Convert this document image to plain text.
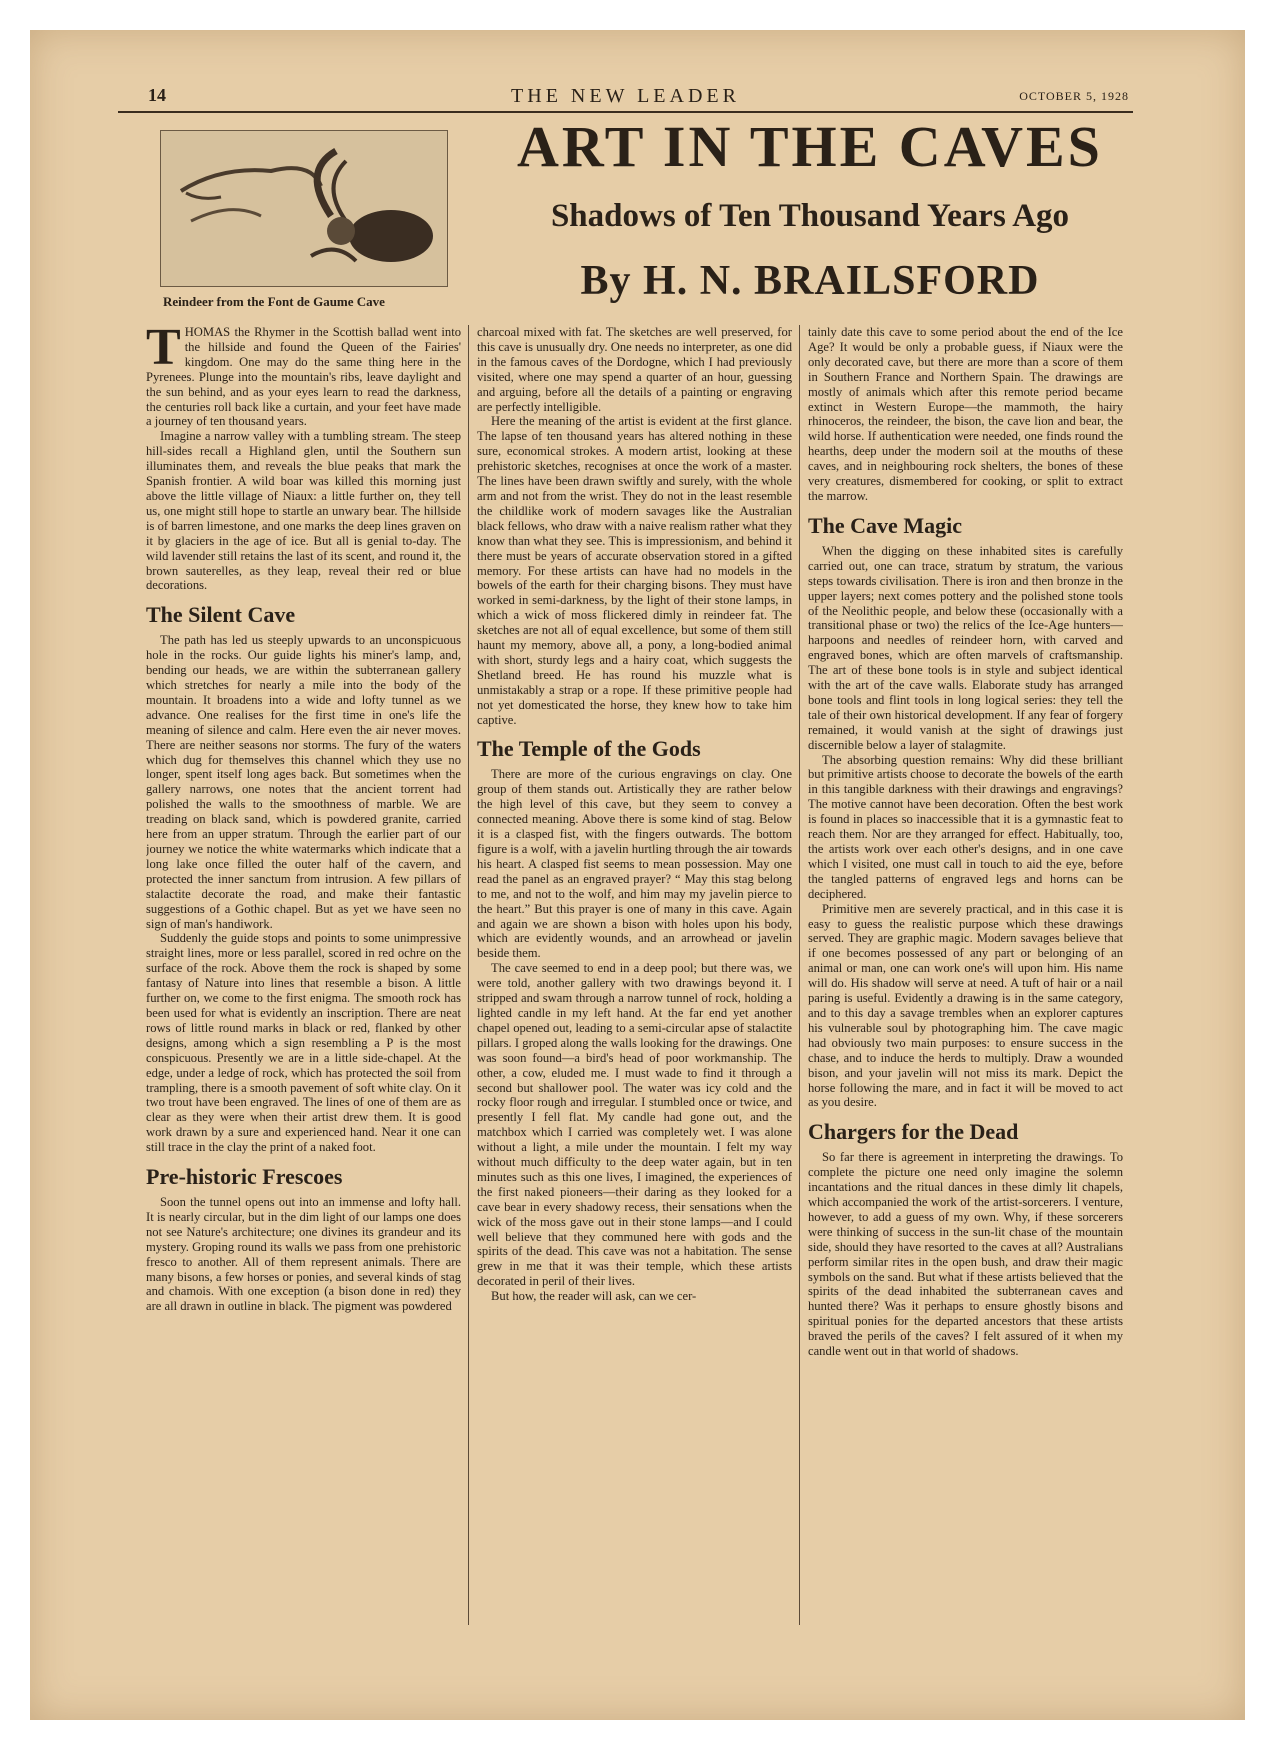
14	THE NEW LEADER	OCTOBER 5, 1928
Reindeer from the Font de Gaume Cave
ART IN THE CAVES
Shadows of Ten Thousand Years Ago
By H. N. BRAILSFORD

THOMAS the Rhymer in the Scottish ballad went into the hillside and found the Queen of the Fairies' kingdom. One may do the same thing here in the Pyrenees. Plunge into the mountain's ribs, leave daylight and the sun behind, and as your eyes learn to read the darkness, the centuries roll back like a curtain, and your feet have made a journey of ten thousand years.

Imagine a narrow valley with a tumbling stream. The steep hill-sides recall a Highland glen, until the Southern sun illuminates them, and reveals the blue peaks that mark the Spanish frontier. A wild boar was killed this morning just above the little village of Niaux: a little further on, they tell us, one might still hope to startle an unwary bear. The hillside is of barren limestone, and one marks the deep lines graven on it by glaciers in the age of ice. But all is genial to-day. The wild lavender still retains the last of its scent, and round it, the brown sauterelles, as they leap, reveal their red or blue decorations.

The Silent Cave

The path has led us steeply upwards to an unconspicuous hole in the rocks. Our guide lights his miner's lamp, and, bending our heads, we are within the subterranean gallery which stretches for nearly a mile into the body of the mountain. It broadens into a wide and lofty tunnel as we advance. One realises for the first time in one's life the meaning of silence and calm. Here even the air never moves. There are neither seasons nor storms. The fury of the waters which dug for themselves this channel which they use no longer, spent itself long ages back. But sometimes when the gallery narrows, one notes that the ancient torrent had polished the walls to the smoothness of marble. We are treading on black sand, which is powdered granite, carried here from an upper stratum. Through the earlier part of our journey we notice the white watermarks which indicate that a long lake once filled the outer half of the cavern, and protected the inner sanctum from intrusion. A few pillars of stalactite decorate the road, and make their fantastic suggestions of a Gothic chapel. But as yet we have seen no sign of man's handiwork.

Suddenly the guide stops and points to some unimpressive straight lines, more or less parallel, scored in red ochre on the surface of the rock. Above them the rock is shaped by some fantasy of Nature into lines that resemble a bison. A little further on, we come to the first enigma. The smooth rock has been used for what is evidently an inscription. There are neat rows of little round marks in black or red, flanked by other designs, among which a sign resembling a P is the most conspicuous. Presently we are in a little side-chapel. At the edge, under a ledge of rock, which has protected the soil from trampling, there is a smooth pavement of soft white clay. On it two trout have been engraved. The lines of one of them are as clear as they were when their artist drew them. It is good work drawn by a sure and experienced hand. Near it one can still trace in the clay the print of a naked foot.

Pre-historic Frescoes

Soon the tunnel opens out into an immense and lofty hall. It is nearly circular, but in the dim light of our lamps one does not see Nature's architecture; one divines its grandeur and its mystery. Groping round its walls we pass from one prehistoric fresco to another. All of them represent animals. There are many bisons, a few horses or ponies, and several kinds of stag and chamois. With one exception (a bison done in red) they are all drawn in outline in black. The pigment was powdered

charcoal mixed with fat. The sketches are well preserved, for this cave is unusually dry. One needs no interpreter, as one did in the famous caves of the Dordogne, which I had previously visited, where one may spend a quarter of an hour, guessing and arguing, before all the details of a painting or engraving are perfectly intelligible.

Here the meaning of the artist is evident at the first glance. The lapse of ten thousand years has altered nothing in these sure, economical strokes. A modern artist, looking at these prehistoric sketches, recognises at once the work of a master. The lines have been drawn swiftly and surely, with the whole arm and not from the wrist. They do not in the least resemble the childlike work of modern savages like the Australian black fellows, who draw with a naive realism rather what they know than what they see. This is impressionism, and behind it there must be years of accurate observation stored in a gifted memory. For these artists can have had no models in the bowels of the earth for their charging bisons. They must have worked in semi-darkness, by the light of their stone lamps, in which a wick of moss flickered dimly in reindeer fat. The sketches are not all of equal excellence, but some of them still haunt my memory, above all, a pony, a long-bodied animal with short, sturdy legs and a hairy coat, which suggests the Shetland breed. He has round his muzzle what is unmistakably a strap or a rope. If these primitive people had not yet domesticated the horse, they knew how to take him captive.

The Temple of the Gods

There are more of the curious engravings on clay. One group of them stands out. Artistically they are rather below the high level of this cave, but they seem to convey a connected meaning. Above there is some kind of stag. Below it is a clasped fist, with the fingers outwards. The bottom figure is a wolf, with a javelin hurtling through the air towards his heart. A clasped fist seems to mean possession. May one read the panel as an engraved prayer? “ May this stag belong to me, and not to the wolf, and him may my javelin pierce to the heart.” But this prayer is one of many in this cave. Again and again we are shown a bison with holes upon his body, which are evidently wounds, and an arrowhead or javelin beside them.

The cave seemed to end in a deep pool; but there was, we were told, another gallery with two drawings beyond it. I stripped and swam through a narrow tunnel of rock, holding a lighted candle in my left hand. At the far end yet another chapel opened out, leading to a semi-circular apse of stalactite pillars. I groped along the walls looking for the drawings. One was soon found—a bird's head of poor workmanship. The other, a cow, eluded me. I must wade to find it through a second but shallower pool. The water was icy cold and the rocky floor rough and irregular. I stumbled once or twice, and presently I fell flat. My candle had gone out, and the matchbox which I carried was completely wet. I was alone without a light, a mile under the mountain. I felt my way without much difficulty to the deep water again, but in ten minutes such as this one lives, I imagined, the experiences of the first naked pioneers—their daring as they looked for a cave bear in every shadowy recess, their sensations when the wick of the moss gave out in their stone lamps—and I could well believe that they communed here with gods and the spirits of the dead. This cave was not a habitation. The sense grew in me that it was their temple, which these artists decorated in peril of their lives.

But how, the reader will ask, can we cer-

tainly date this cave to some period about the end of the Ice Age? It would be only a probable guess, if Niaux were the only decorated cave, but there are more than a score of them in Southern France and Northern Spain. The drawings are mostly of animals which after this remote period became extinct in Western Europe—the mammoth, the hairy rhinoceros, the reindeer, the bison, the cave lion and bear, the wild horse. If authentication were needed, one finds round the hearths, deep under the modern soil at the mouths of these caves, and in neighbouring rock shelters, the bones of these very creatures, dismembered for cooking, or split to extract the marrow.

The Cave Magic

When the digging on these inhabited sites is carefully carried out, one can trace, stratum by stratum, the various steps towards civilisation. There is iron and then bronze in the upper layers; next comes pottery and the polished stone tools of the Neolithic people, and below these (occasionally with a transitional phase or two) the relics of the Ice-Age hunters—harpoons and needles of reindeer horn, with carved and engraved bones, which are often marvels of craftsmanship. The art of these bone tools is in style and subject identical with the art of the cave walls. Elaborate study has arranged bone tools and flint tools in long logical series: they tell the tale of their own historical development. If any fear of forgery remained, it would vanish at the sight of drawings just discernible below a layer of stalagmite.

The absorbing question remains: Why did these brilliant but primitive artists choose to decorate the bowels of the earth in this tangible darkness with their drawings and engravings? The motive cannot have been decoration. Often the best work is found in places so inaccessible that it is a gymnastic feat to reach them. Nor are they arranged for effect. Habitually, too, the artists work over each other's designs, and in one cave which I visited, one must call in touch to aid the eye, before the tangled patterns of engraved legs and horns can be deciphered.

Primitive men are severely practical, and in this case it is easy to guess the realistic purpose which these drawings served. They are graphic magic. Modern savages believe that if one becomes possessed of any part or belonging of an animal or man, one can work one's will upon him. His name will do. His shadow will serve at need. A tuft of hair or a nail paring is useful. Evidently a drawing is in the same category, and to this day a savage trembles when an explorer captures his vulnerable soul by photographing him. The cave magic had obviously two main purposes: to ensure success in the chase, and to induce the herds to multiply. Draw a wounded bison, and your javelin will not miss its mark. Depict the horse following the mare, and in fact it will be moved to act as you desire.

Chargers for the Dead

So far there is agreement in interpreting the drawings. To complete the picture one need only imagine the solemn incantations and the ritual dances in these dimly lit chapels, which accompanied the work of the artist-sorcerers. I venture, however, to add a guess of my own. Why, if these sorcerers were thinking of success in the sun-lit chase of the mountain side, should they have resorted to the caves at all? Australians perform similar rites in the open bush, and draw their magic symbols on the sand. But what if these artists believed that the spirits of the dead inhabited the subterranean caves and hunted there? Was it perhaps to ensure ghostly bisons and spiritual ponies for the departed ancestors that these artists braved the perils of the caves? I felt assured of it when my candle went out in that world of shadows.
